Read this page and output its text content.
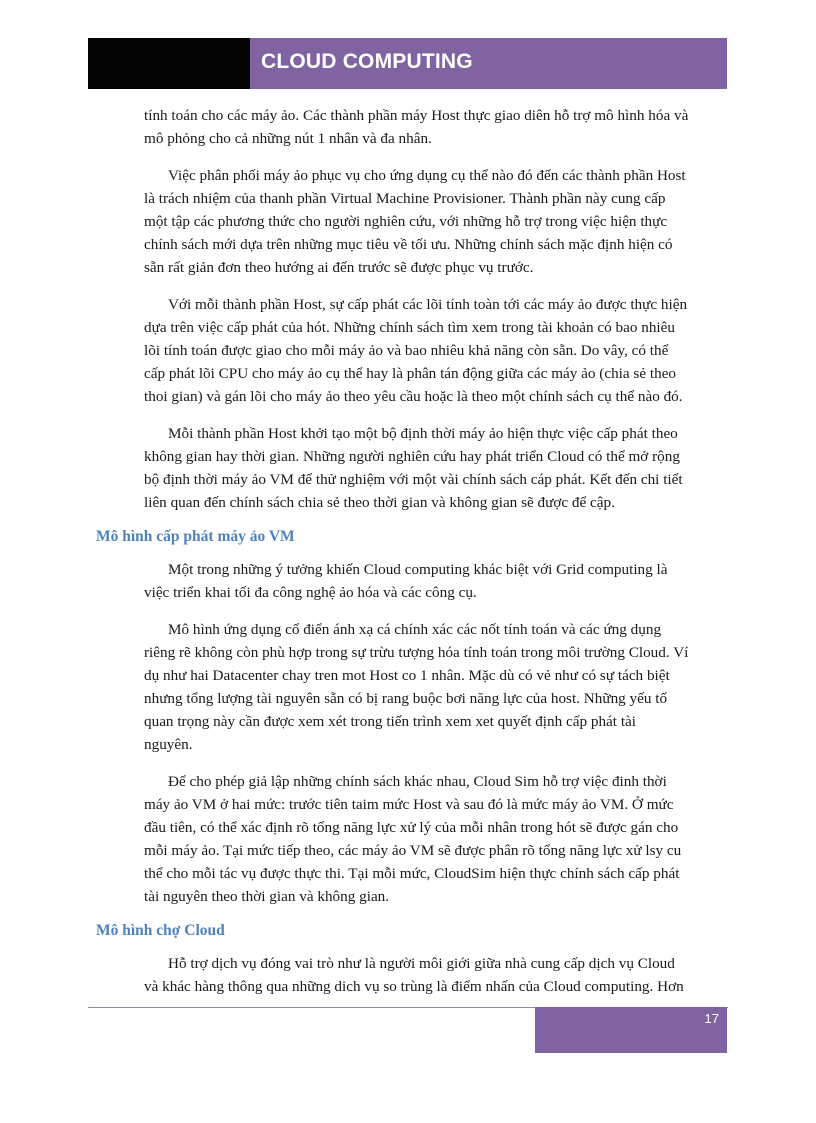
CLOUD COMPUTING

tính toán cho các máy ảo. Các thành phần máy Host thực giao diên hỗ trợ mô hình hóa và
mô phỏng cho cả những nút 1 nhân và đa nhân.

Việc phân phối máy ảo phục vụ cho ứng dụng cụ thể nào đó đến các thành phần Host
là trách nhiệm của thanh phần Virtual Machine Provisioner. Thành phần này cung cấp
một tập các phương thức cho người nghiên cứu, với những hỗ trợ trong việc hiện thực
chính sách mới dựa trên những mục tiêu về tối ưu. Những chính sách mặc định hiện có
sẵn rất giản đơn theo hướng ai đến trước sẽ được phục vụ trước.

Với mỗi thành phần Host, sự cấp phát các lõi tính toàn tới các máy ảo được thực hiện
dựa trên việc cấp phát của hót. Những chính sách tìm xem trong tài khoản có bao nhiêu
lõi tính toán được giao cho mỗi máy ảo và bao nhiêu khả năng còn sẵn. Do vây, có thể
cấp phát lõi CPU cho máy ảo cụ thể hay là phân tán động giữa các máy ảo (chia sẻ theo
thoi gian) và gán lõi cho máy ảo theo yêu cầu hoặc là theo một chính sách cụ thể nào đó.

Mỗi thành phần Host khởi tạo một bộ định thời máy ảo hiện thực việc cấp phát theo
không gian hay thời gian. Những người nghiên cứu hay phát triển Cloud có thể mở rộng
bộ định thời máy ảo VM để thử nghiệm với một vài chính sách cáp phát. Kết đến chi tiết
liên quan đến chính sách chia sẻ theo thời gian và không gian sẽ được để cập.

Mô hình cấp phát máy ảo VM

Một trong những ý tưởng khiến Cloud computing khác biệt với Grid computing là
việc triển khai tối đa công nghệ ảo hóa và các công cụ.

Mô hình ứng dụng cổ điển ánh xạ cá chính xác các nốt tính toán và các ứng dụng
riêng rẽ không còn phù hợp trong sự trừu tượng hóa tính toán trong môi trường Cloud. Ví
dụ như hai Datacenter chay tren mot Host co 1 nhân. Mặc dù có vẻ như có sự tách biệt
nhưng tổng lượng tài nguyên sẵn có bị rang buộc bơi năng lực của host. Những yếu tố
quan trọng này cần được xem xét trong tiến trình xem xet quyết định cấp phát tài
nguyên.

Để cho phép giả lập những chính sách khác nhau, Cloud Sim hỗ trợ việc đinh thời
máy ảo VM ở hai mức: trước tiên taim mức Host và sau đó là mức máy ảo VM. Ở mức
đầu tiên, có thể xác định rõ tổng năng lực xử lý của mỗi nhân trong hót sẽ được gán cho
mỗi máy ảo. Tại mức tiếp theo, các máy ảo VM sẽ được phân rõ tổng năng lực xử lsy cu
thể cho mỗi tác vụ được thực thi. Tại mỗi mức, CloudSim hiện thực chính sách cấp phát
tài nguyên theo thời gian và không gian.

Mô hình chợ Cloud

Hỗ trợ dịch vụ đóng vai trò như là người môi giới giữa nhà cung cấp dịch vụ Cloud
và khác hàng thông qua những dich vụ so trùng là điểm nhấn của Cloud computing. Hơn

17
